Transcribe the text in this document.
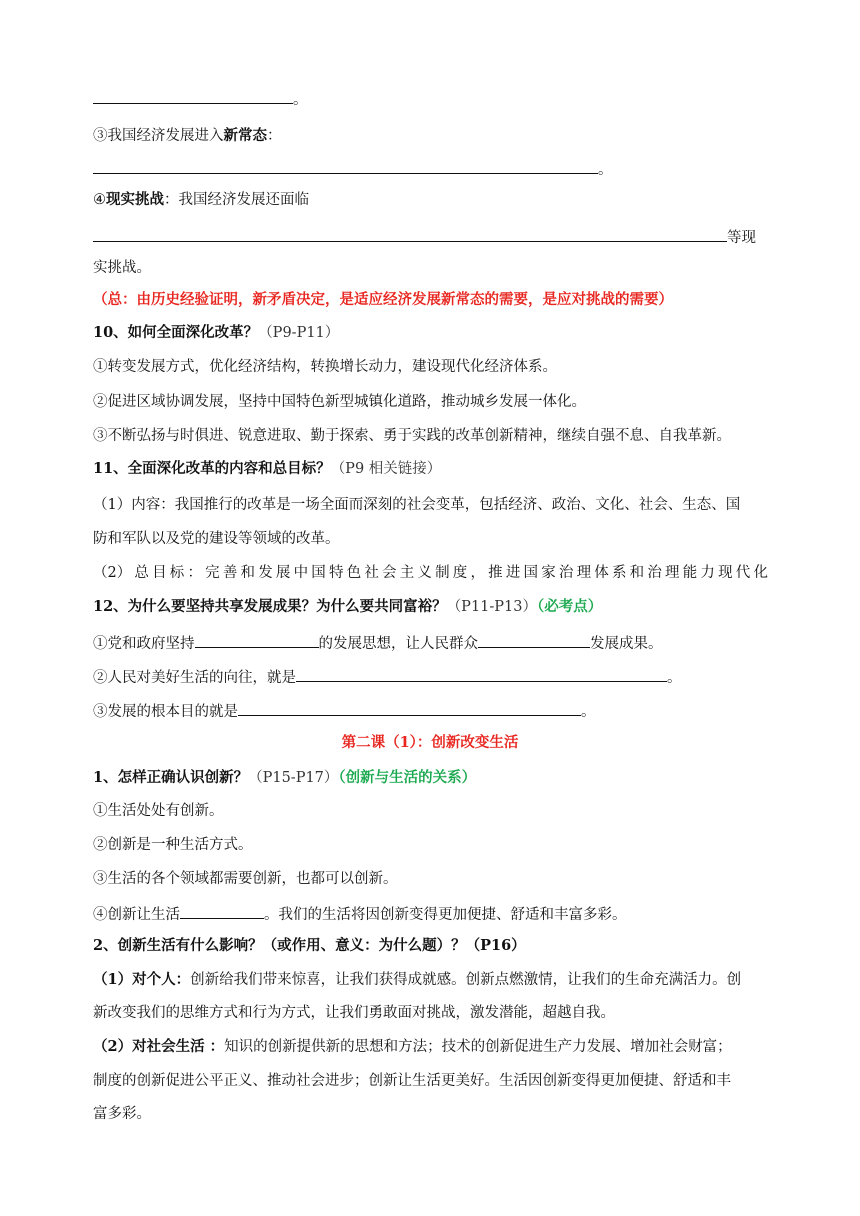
。
③我国经济发展进入新常态：
。
④现实挑战：我国经济发展还面临
等现
实挑战。
（总：由历史经验证明，新矛盾决定，是适应经济发展新常态的需要，是应对挑战的需要）
10、如何全面深化改革？（P9-P11）
①转变发展方式，优化经济结构，转换增长动力，建设现代化经济体系。
②促进区域协调发展，坚持中国特色新型城镇化道路，推动城乡发展一体化。
③不断弘扬与时俱进、锐意进取、勤于探索、勇于实践的改革创新精神，继续自强不息、自我革新。
11、全面深化改革的内容和总目标？（P9 相关链接）
（1）内容：我国推行的改革是一场全面而深刻的社会变革，包括经济、政治、文化、社会、生态、国
防和军队以及党的建设等领域的改革。
（2） 总 目 标 ： 完 善 和 发 展 中 国 特 色 社 会 主 义 制 度 ， 推 进 国 家 治 理 体 系 和 治 理 能 力 现 代 化
12、为什么要坚持共享发展成果？为什么要共同富裕？（P11-P13）（必考点）
①党和政府坚持	的发展思想，让人民群众	发展成果。
②人民对美好生活的向往，就是	。
③发展的根本目的就是	。
第二课（1）：创新改变生活
1、怎样正确认识创新？（P15-P17）（创新与生活的关系）
①生活处处有创新。
②创新是一种生活方式。
③生活的各个领域都需要创新，也都可以创新。
④创新让生活	。我们的生活将因创新变得更加便捷、舒适和丰富多彩。
2、创新生活有什么影响？（或作用、意义：为什么题）？（P16）
（1）对个人：创新给我们带来惊喜，让我们获得成就感。创新点燃激情，让我们的生命充满活力。创
新改变我们的思维方式和行为方式，让我们勇敢面对挑战，激发潜能，超越自我。
（2）对社会生活 ：知识的创新提供新的思想和方法；技术的创新促进生产力发展、增加社会财富；
制度的创新促进公平正义、推动社会进步；创新让生活更美好。生活因创新变得更加便捷、舒适和丰
富多彩。
